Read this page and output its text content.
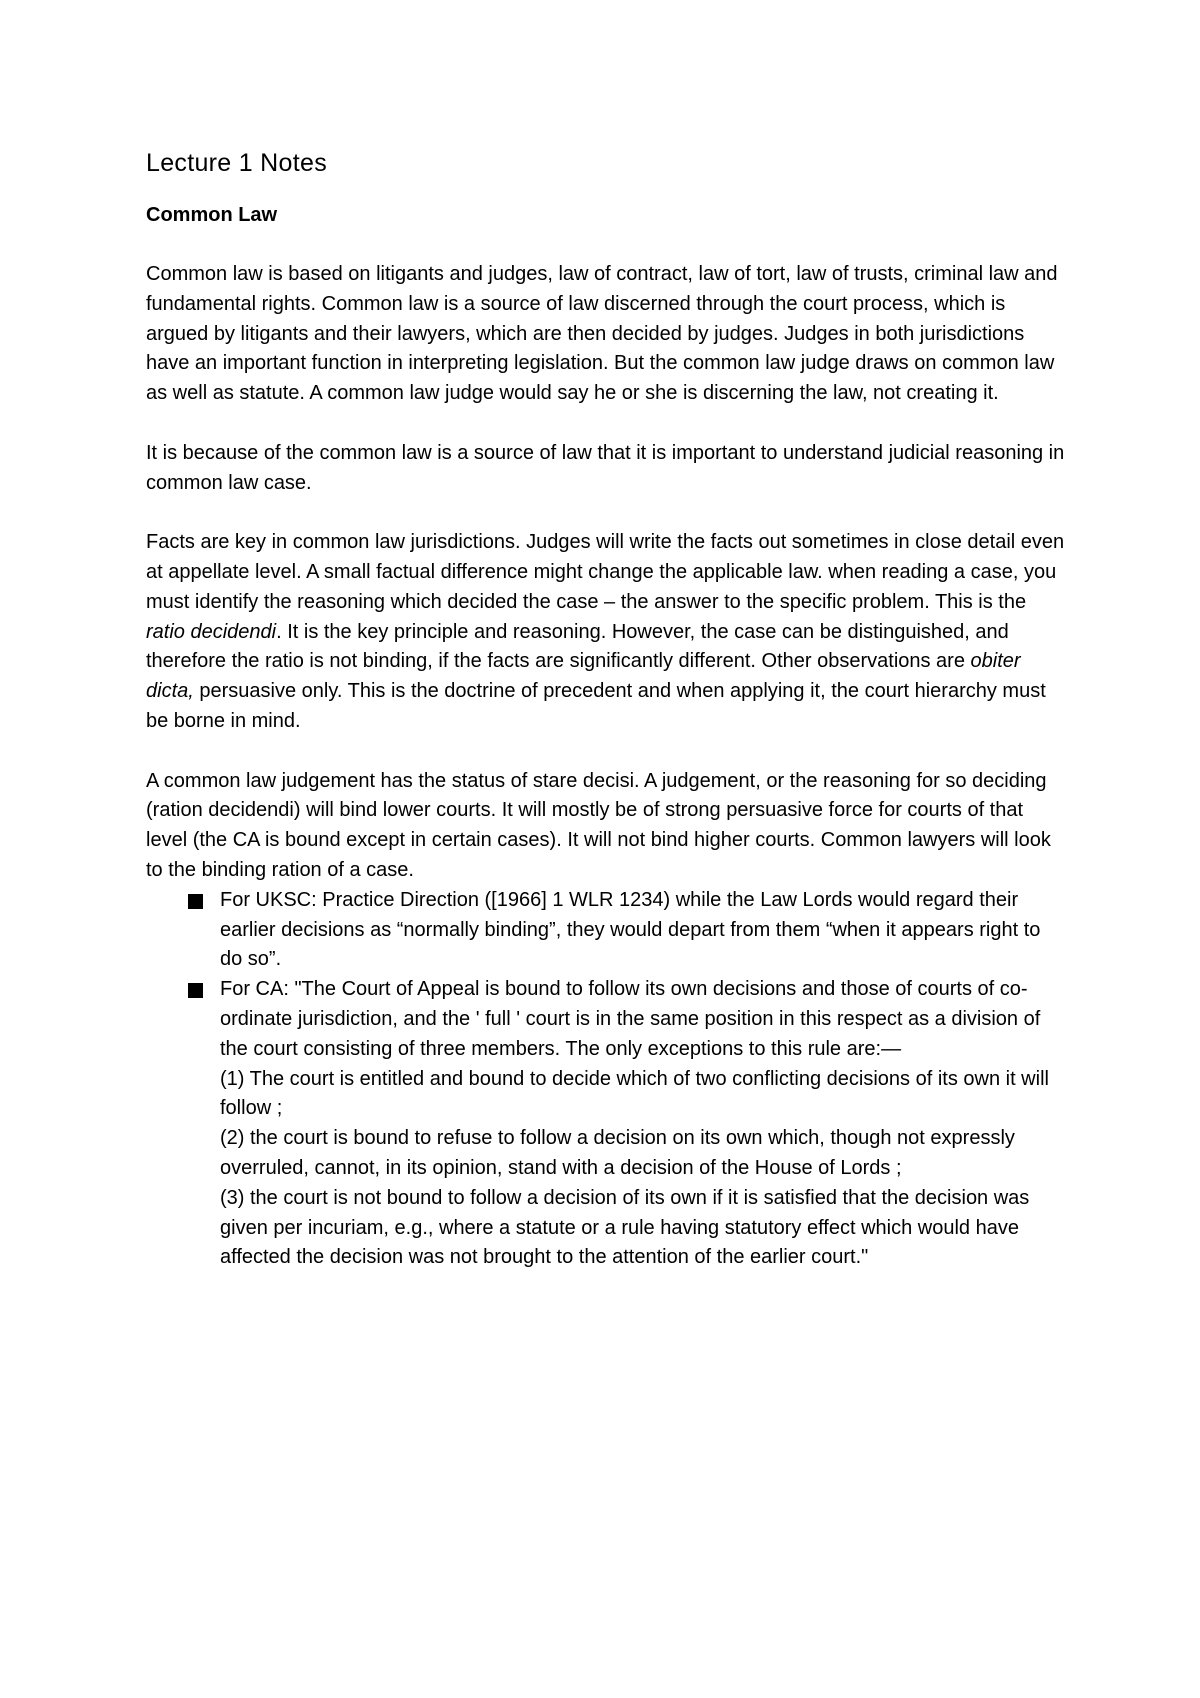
Lecture 1 Notes
Common Law

Common law is based on litigants and judges, law of contract, law of tort, law of trusts, criminal law and fundamental rights. Common law is a source of law discerned through the court process, which is argued by litigants and their lawyers, which are then decided by judges. Judges in both jurisdictions have an important function in interpreting legislation. But the common law judge draws on common law as well as statute. A common law judge would say he or she is discerning the law, not creating it.

It is because of the common law is a source of law that it is important to understand judicial reasoning in common law case.

Facts are key in common law jurisdictions. Judges will write the facts out sometimes in close detail even at appellate level. A small factual difference might change the applicable law. when reading a case, you must identify the reasoning which decided the case – the answer to the specific problem. This is the ratio decidendi. It is the key principle and reasoning. However, the case can be distinguished, and therefore the ratio is not binding, if the facts are significantly different. Other observations are obiter dicta, persuasive only. This is the doctrine of precedent and when applying it, the court hierarchy must be borne in mind.

A common law judgement has the status of stare decisi. A judgement, or the reasoning for so deciding (ration decidendi) will bind lower courts. It will mostly be of strong persuasive force for courts of that level (the CA is bound except in certain cases). It will not bind higher courts. Common lawyers will look to the binding ration of a case.

For UKSC: Practice Direction ([1966] 1 WLR 1234) while the Law Lords would regard their earlier decisions as “normally binding”, they would depart from them “when it appears right to do so”.
For CA: "The Court of Appeal is bound to follow its own decisions and those of courts of co-ordinate jurisdiction, and the ' full ' court is in the same position in this respect as a division of the court consisting of three members. The only exceptions to this rule are:—
(1) The court is entitled and bound to decide which of two conflicting decisions of its own it will follow ;
(2) the court is bound to refuse to follow a decision on its own which, though not expressly overruled, cannot, in its opinion, stand with a decision of the House of Lords ;
(3) the court is not bound to follow a decision of its own if it is satisfied that the decision was given per incuriam, e.g., where a statute or a rule having statutory effect which would have affected the decision was not brought to the attention of the earlier court."
